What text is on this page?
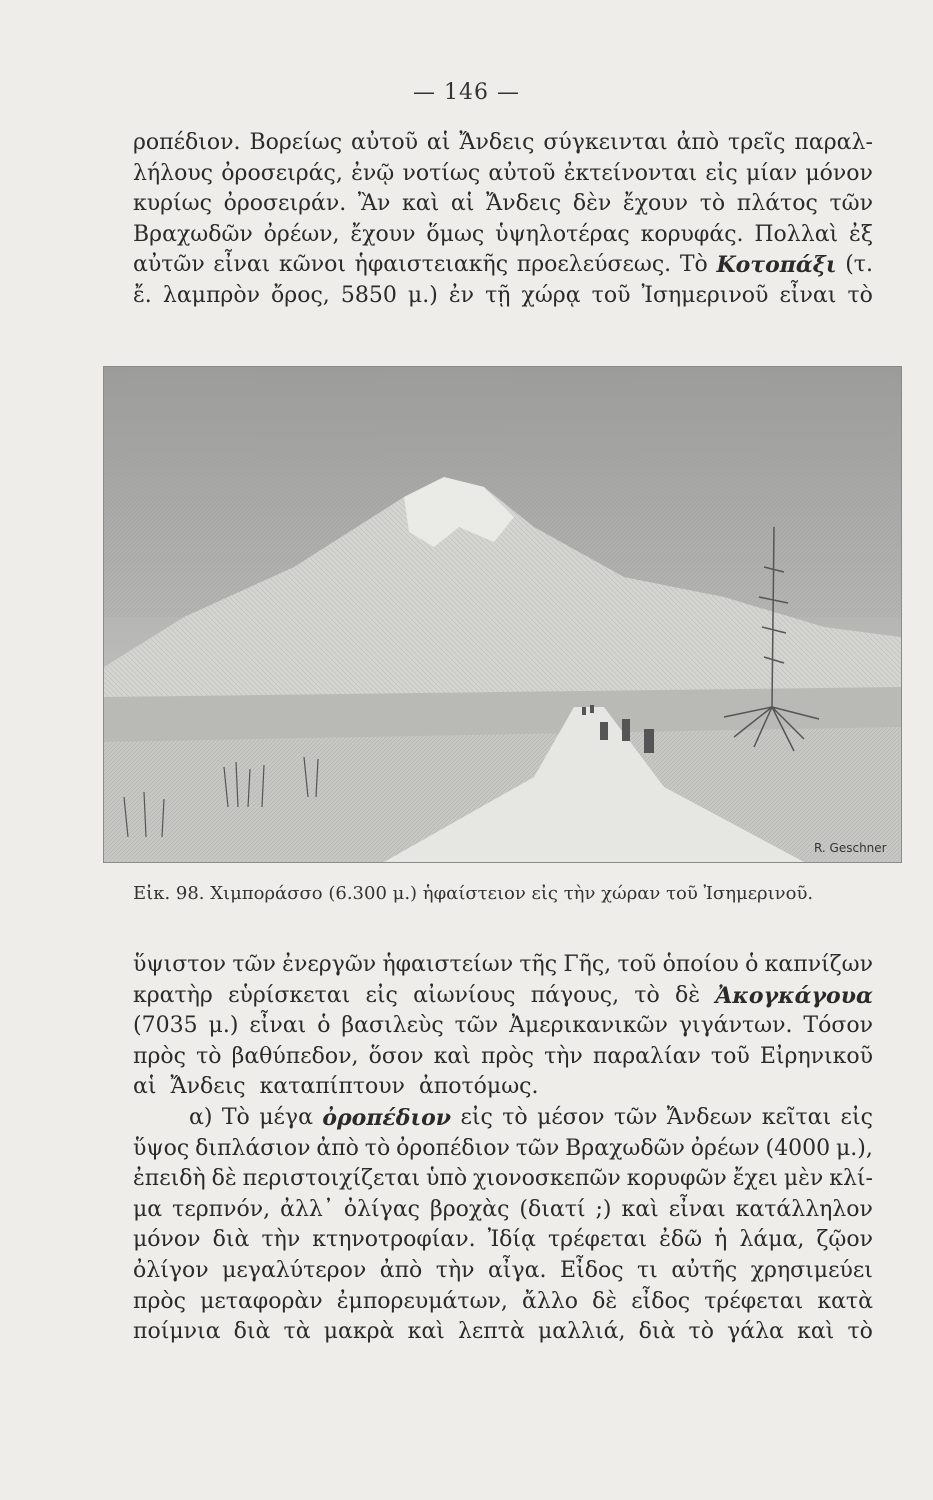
— 146 —
ροπέδιον. Βορείως αὐτοῦ αἱ Ἄνδεις σύγκεινται ἀπὸ τρεῖς παραλ-
λήλους ὀροσειράς, ἐνῷ νοτίως αὐτοῦ ἐκτείνονται εἰς μίαν μόνον
κυρίως ὀροσειράν. Ἂν καὶ αἱ Ἄνδεις δὲν ἔχουν τὸ πλάτος τῶν
Βραχωδῶν ὀρέων, ἔχουν ὅμως ὑψηλοτέρας κορυφάς. Πολλαὶ ἐξ
αὐτῶν εἶναι κῶνοι ἡφαιστειακῆς προελεύσεως. Τὸ Κοτοπάξι (τ.
ἔ. λαμπρὸν ὄρος, 5850 μ.) ἐν τῇ χώρᾳ τοῦ Ἰσημερινοῦ εἶναι τὸ
R. Geschner
Εἰκ. 98. Χιμποράσσο (6.300 μ.) ἡφαίστειον εἰς τὴν χώραν τοῦ Ἰσημερινοῦ.
ὕψιστον τῶν ἐνεργῶν ἡφαιστείων τῆς Γῆς, τοῦ ὁποίου ὁ καπνίζων
κρατὴρ εὑρίσκεται εἰς αἰωνίους πάγους, τὸ δὲ Ἀκογκάγουα
(7035 μ.) εἶναι ὁ βασιλεὺς τῶν Ἀμερικανικῶν γιγάντων. Τόσον
πρὸς τὸ βαθύπεδον, ὅσον καὶ πρὸς τὴν παραλίαν τοῦ Εἰρηνικοῦ
αἱ Ἄνδεις καταπίπτουν ἀποτόμως.
α) Τὸ μέγα ὀροπέδιον εἰς τὸ μέσον τῶν Ἄνδεων κεῖται εἰς
ὕψος διπλάσιον ἀπὸ τὸ ὀροπέδιον τῶν Βραχωδῶν ὀρέων (4000 μ.),
ἐπειδὴ δὲ περιστοιχίζεται ὑπὸ χιονοσκεπῶν κορυφῶν ἔχει μὲν κλί-
μα τερπνόν, ἀλλ᾽ ὀλίγας βροχὰς (διατί ;) καὶ εἶναι κατάλληλον
μόνον διὰ τὴν κτηνοτροφίαν. Ἰδίᾳ τρέφεται ἐδῶ ἡ λάμα, ζῷον
ὀλίγον μεγαλύτερον ἀπὸ τὴν αἶγα. Εἶδος τι αὐτῆς χρησιμεύει
πρὸς μεταφορὰν ἐμπορευμάτων, ἄλλο δὲ εἶδος τρέφεται κατὰ
ποίμνια διὰ τὰ μακρὰ καὶ λεπτὰ μαλλιά, διὰ τὸ γάλα καὶ τὸ
